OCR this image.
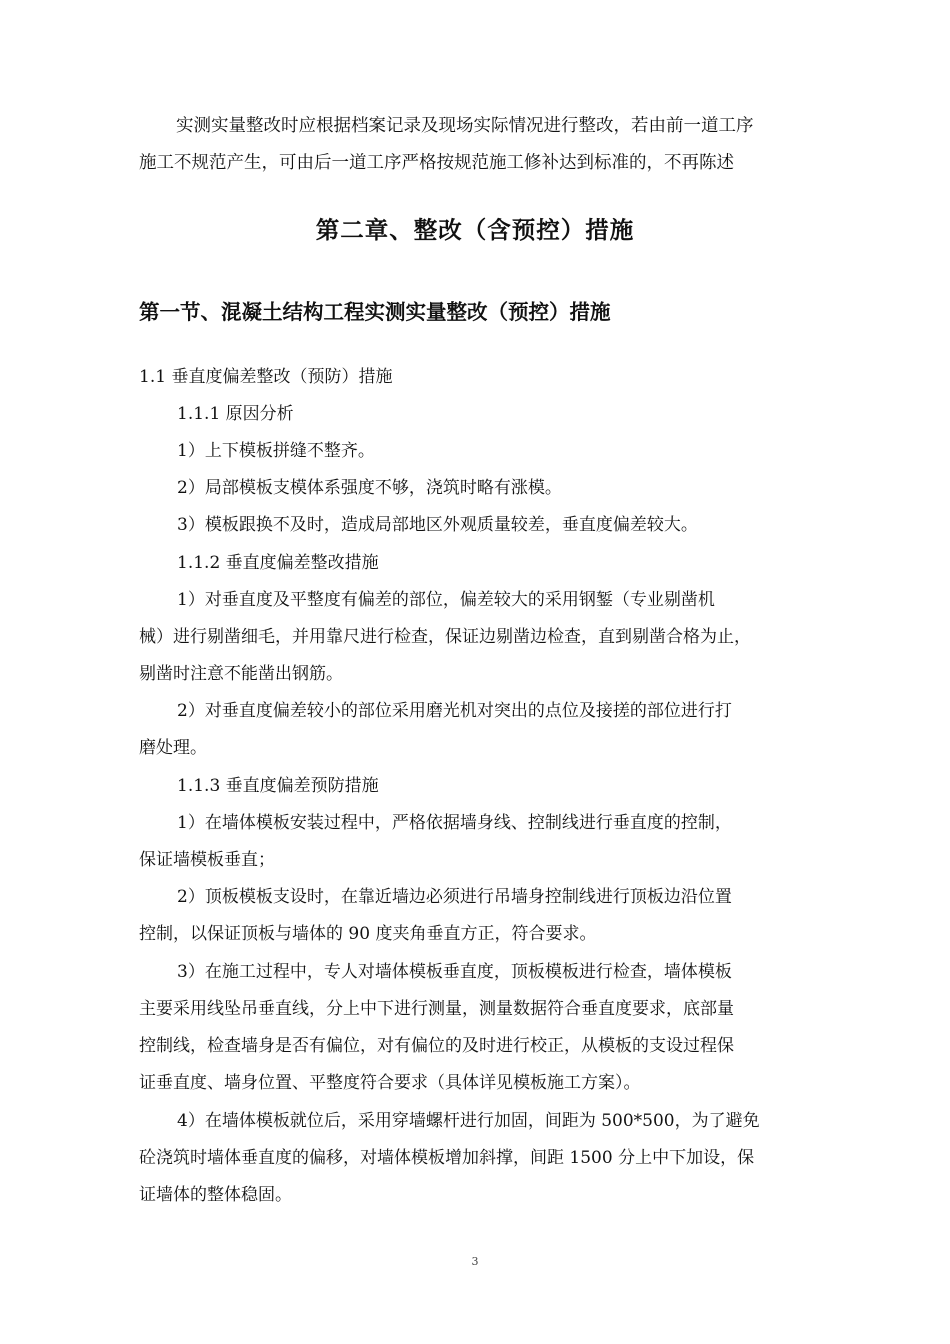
实测实量整改时应根据档案记录及现场实际情况进行整改，若由前一道工序
施工不规范产生，可由后一道工序严格按规范施工修补达到标准的，不再陈述
第二章、整改（含预控）措施
第一节、混凝土结构工程实测实量整改（预控）措施
1.1 垂直度偏差整改（预防）措施
1.1.1 原因分析
1）上下模板拼缝不整齐。
2）局部模板支模体系强度不够，浇筑时略有涨模。
3）模板跟换不及时，造成局部地区外观质量较差，垂直度偏差较大。
1.1.2 垂直度偏差整改措施
1）对垂直度及平整度有偏差的部位，偏差较大的采用钢錾（专业剔凿机
械）进行剔凿细毛，并用靠尺进行检查，保证边剔凿边检查，直到剔凿合格为止，
剔凿时注意不能凿出钢筋。
2）对垂直度偏差较小的部位采用磨光机对突出的点位及接搓的部位进行打
磨处理。
1.1.3 垂直度偏差预防措施
1）在墙体模板安装过程中，严格依据墙身线、控制线进行垂直度的控制，
保证墙模板垂直；
2）顶板模板支设时，在靠近墙边必须进行吊墙身控制线进行顶板边沿位置
控制，以保证顶板与墙体的 90 度夹角垂直方正，符合要求。
3）在施工过程中，专人对墙体模板垂直度，顶板模板进行检查，墙体模板
主要采用线坠吊垂直线，分上中下进行测量，测量数据符合垂直度要求，底部量
控制线，检查墙身是否有偏位，对有偏位的及时进行校正，从模板的支设过程保
证垂直度、墙身位置、平整度符合要求（具体详见模板施工方案）。
4）在墙体模板就位后，采用穿墙螺杆进行加固，间距为 500*500，为了避免
砼浇筑时墙体垂直度的偏移，对墙体模板增加斜撑，间距 1500 分上中下加设，保
证墙体的整体稳固。
3
